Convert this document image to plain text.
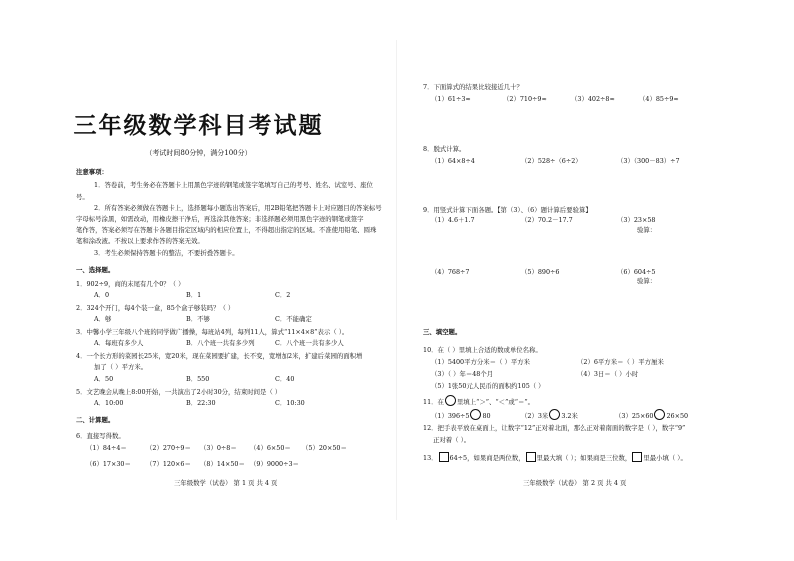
三年级数学科目考试题
（考试时间80分钟，满分100分）
注意事项：
1．答卷前，考生务必在答题卡上用黑色字迹的钢笔或签字笔填写自己的考号、姓名、试室号、座位
号。
2．所有答案必须做在答题卡上，选择题每小题选出答案后，用2B铅笔把答题卡上对应题目的答案标号
字母标号涂黑，如需改动，用橡皮擦干净后，再选涂其他答案；非选择题必须用黑色字迹的钢笔或签字
笔作答，答案必须写在答题卡各题目指定区域内的相应位置上，不得超出指定的区域。不准使用铅笔、圆珠
笔和涂改液。不按以上要求作答的答案无效。
3．考生必须保持答题卡的整洁，不要折叠答题卡。
一、选择题。
1．902÷9，商的末尾有几个0？（ ）
A．0	B．1	C．2
2．324个开门，每4个装一盒，85个盒子够装吗？（ ）
A．够	B．不够	C．不能确定
3．中馨小学三年级八个班的同学做广播操，每班站4列，每列11人，算式“11×4×8”表示（ ）。
A．每班有多少人	B．八个班一共有多少列	C．八个班一共有多少人
4．一个长方形的菜园长25米，宽20米，现在菜园要扩建，长不变，宽增加2米，扩建后菜园的面积增
加了（ ）平方米。
A．50	B．550	C．40
5．文艺晚会从晚上8:00开始，一共演出了2小时30分，结束时间是（ ）
A．10:00	B．22:30	C．10:30
二、计算题。
6．直接写得数。
（1）84÷4＝	（2）270÷9＝ （3）0÷8＝ （4）6×50＝ （5）20×50＝
（6）17×30＝ （7）120×6＝ （8）14×50＝ （9）9000÷3＝
三年级数学（试卷） 第 1 页 共 4 页
7．下面算式的结果比较接近几十？
（1）61÷3≈	（2）710÷9≈	（3）402÷8≈	（4）85÷9≈
8．脱式计算。
（1）64×8÷4	（2）528÷（6÷2）	（3）（300－83）÷7
9．用竖式计算下面各题。【第（3）、（6）题计算后要验算】
（1）4.6＋1.7	（2）70.2－17.7	（3）23×58
验算：
（4）768÷7	（5）890÷6	（6）604÷5
验算：
三、填空题。
10．在（ ）里填上合适的数或单位名称。
（1）5400平方分米＝（ ）平方米	（2）6平方米＝（ ）平方厘米
（3）（ ）年＝48个月	（4）3日＝（ ）小时
（5）1张50元人民币的面积约105（ ）
11．在 里填上“＞”、“＜”或“＝”。
（1）396÷5 80	（2）3米 3.2米	（3）25×60 26×50
12．把手表平放在桌面上，让数字“12”正对着北面，那么正对着南面的数字是（ ），数字“9”
正对着（ ）。
13． 64÷5，如果商是两位数， 里最大填（ ）；如果商是三位数， 里最小填（ ）。
三年级数学（试卷） 第 2 页 共 4 页
